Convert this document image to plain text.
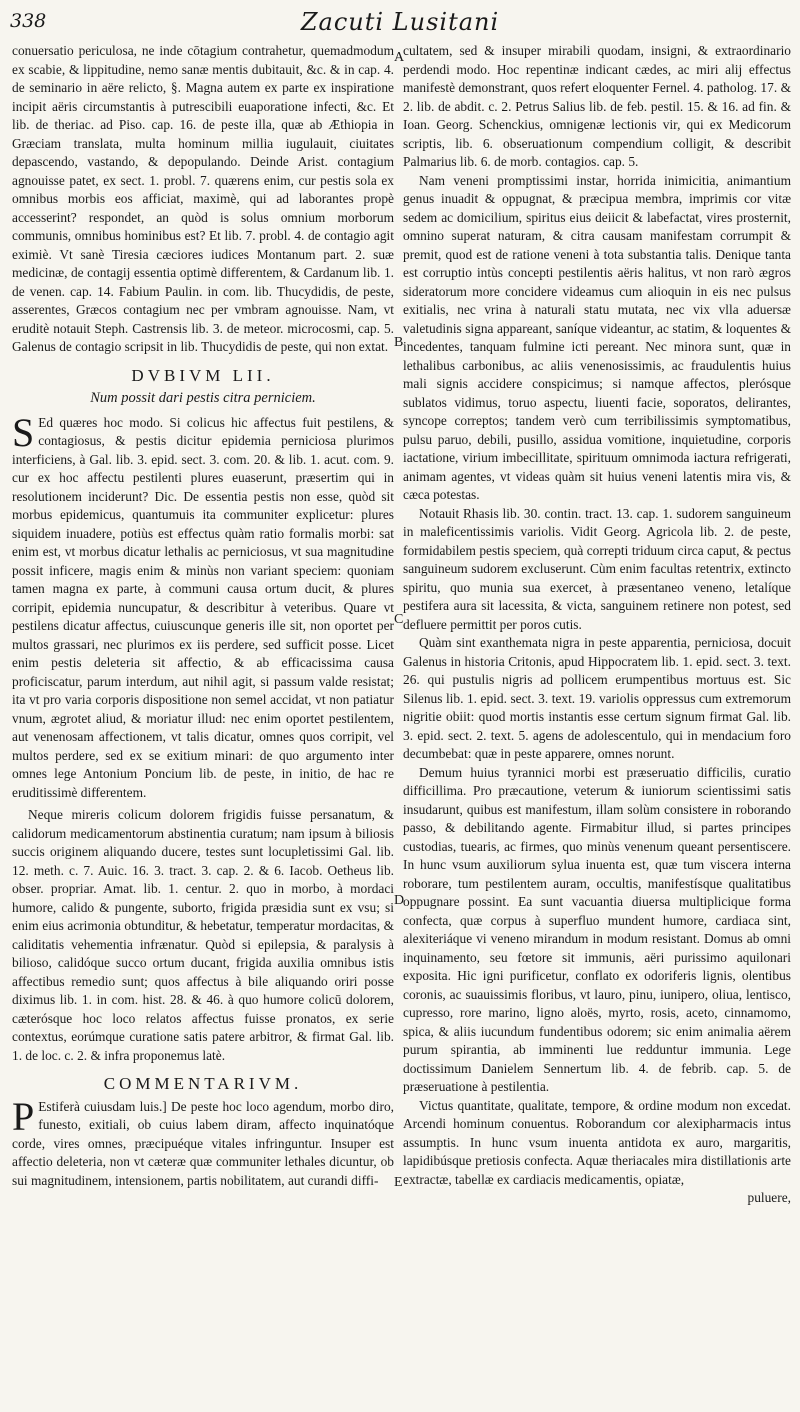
338	Zacuti Lusitani

conuersatio periculosa, ne inde cōtagium contrahetur, quemadmodum ex scabie, & lippitudine, nemo sanæ mentis dubitauit, &c. & in cap. 4. de seminario in aëre relicto, §. Magna autem ex parte ex inspiratione incipit aëris circumstantis à putrescibili euaporatione infecti, &c. Et lib. de theriac. ad Piso. cap. 16. de peste illa, quæ ab Æthiopia in Græciam translata, multa hominum millia iugulauit, ciuitates depascendo, vastando, & depopulando. Deinde Arist. contagium agnouisse patet, ex sect. 1. probl. 7. quærens enim, cur pestis sola ex omnibus morbis eos afficiat, maximè, qui ad laborantes propè accesserint? respondet, an quòd is solus omnium morborum communis, omnibus hominibus est? Et lib. 7. probl. 4. de contagio agit eximiè. Vt sanè Tiresia cæciores iudices Montanum part. 2. suæ medicinæ, de contagij essentia optimè differentem, & Cardanum lib. 1. de venen. cap. 14. Fabium Paulin. in com. lib. Thucydidis, de peste, asserentes, Græcos contagium nec per vmbram agnouisse. Nam, vt eruditè notauit Steph. Castrensis lib. 3. de meteor. microcosmi, cap. 5. Galenus de contagio scripsit in lib. Thucydidis de peste, qui non extat.

DVBIVM LII.
Num possit dari pestis citra perniciem.

S Ed quæres hoc modo. Si colicus hic affectus fuit pestilens, & contagiosus, & pestis dicitur epidemia perniciosa plurimos interficiens, à Gal. lib. 3. epid. sect. 3. com. 20. & lib. 1. acut. com. 9. cur ex hoc affectu pestilenti plures euaserunt, præsertim qui in resolutionem inciderunt? Dic. De essentia pestis non esse, quòd sit morbus epidemicus, quantumuis ita communiter explicetur: plures siquidem inuadere, potiùs est effectus quàm ratio formalis morbi: sat enim est, vt morbus dicatur lethalis ac perniciosus, vt sua magnitudine possit inficere, magis enim & minùs non variant speciem: quoniam tamen magna ex parte, à communi causa ortum ducit, & plures corripit, epidemia nuncupatur, & describitur à veteribus. Quare vt pestilens dicatur affectus, cuiuscunque generis ille sit, non oportet per multos grassari, nec plurimos ex iis perdere, sed sufficit posse. Licet enim pestis deleteria sit affectio, & ab efficacissima causa proficiscatur, parum interdum, aut nihil agit, si passum valde resistat; ita vt pro varia corporis dispositione non semel accidat, vt non patiatur vnum, ægrotet aliud, & moriatur illud: nec enim oportet pestilentem, aut venenosam affectionem, vt talis dicatur, omnes quos corripit, vel multos perdere, sed ex se exitium minari: de quo argumento inter omnes lege Antonium Poncium lib. de peste, in initio, de hac re eruditissimè differentem.

Neque mireris colicum dolorem frigidis fuisse persanatum, & calidorum medicamentorum abstinentia curatum; nam ipsum à biliosis succis originem aliquando ducere, testes sunt locupletissimi Gal. lib. 12. meth. c. 7. Auic. 16. 3. tract. 3. cap. 2. & 6. Iacob. Oetheus lib. obser. propriar. Amat. lib. 1. centur. 2. quo in morbo, à mordaci humore, calido & pungente, suborto, frigida præsidia sunt ex vsu; si enim eius acrimonia obtunditur, & hebetatur, temperatur mordacitas, & caliditatis vehementia infrænatur. Quòd si epilepsia, & paralysis à bilioso, calidóque succo ortum ducant, frigida auxilia omnibus istis affectibus remedio sunt; quos affectus à bile aliquando oriri posse diximus lib. 1. in com. hist. 28. & 46. à quo humore colicū dolorem, cæterósque hoc loco relatos affectus fuisse pronatos, ex serie contextus, eorúmque curatione satis patere arbitror, & firmat Gal. lib. 1. de loc. c. 2. & infra proponemus latè.

COMMENTARIVM.

P Estiferà cuiusdam luis.] De peste hoc loco agendum, morbo diro, funesto, exitiali, ob cuius labem diram, affecto inquinatóque corde, vires omnes, præcipuéque vitales infringuntur. Insuper est affectio deleteria, non vt cæteræ quæ communiter lethales dicuntur, ob sui magnitudinem, intensionem, partis nobilitatem, aut curandi diffi-

cultatem, sed & insuper mirabili quodam, insigni, & extraordinario perdendi modo. Hoc repentinæ indicant cædes, ac miri alij effectus manifestè demonstrant, quos refert eloquenter Fernel. 4. patholog. 17. & 2. lib. de abdit. c. 2. Petrus Salius lib. de feb. pestil. 15. & 16. ad fin. & Ioan. Georg. Schenckius, omnigenæ lectionis vir, qui ex Medicorum scriptis, lib. 6. obseruationum compendium colligit, & describit Palmarius lib. 6. de morb. contagios. cap. 5.

Nam veneni promptissimi instar, horrida inimicitia, animantium genus inuadit & oppugnat, & præcipua membra, imprimis cor vitæ sedem ac domicilium, spiritus eius deiicit & labefactat, vires prosternit, omnino superat naturam, & citra causam manifestam corrumpit & premit, quod est de ratione veneni à tota substantia talis. Denique tanta est corruptio intùs concepti pestilentis aëris halitus, vt non rarò ægros sideratorum more concidere videamus cum alioquin in eis nec pulsus exitialis, nec vrina à naturali statu mutata, nec vix vlla aduersæ valetudinis signa appareant, saníque videantur, ac statim, & loquentes & incedentes, tanquam fulmine icti pereant. Nec minora sunt, quæ in lethalibus carbonibus, ac aliis venenosissimis, ac fraudulentis huius mali signis accidere conspicimus; si namque affectos, plerósque sublatos vidimus, toruo aspectu, liuenti facie, soporatos, delirantes, syncope correptos; tandem verò cum terribilissimis symptomatibus, pulsu paruo, debili, pusillo, assidua vomitione, inquietudine, corporis iactatione, virium imbecillitate, spirituum omnimoda iactura refrigerati, animam agentes, vt videas quàm sit huius veneni latentis mira vis, & cæca potestas.

Notauit Rhasis lib. 30. contin. tract. 13. cap. 1. sudorem sanguineum in maleficentissimis variolis. Vidit Georg. Agricola lib. 2. de peste, formidabilem pestis speciem, quà correpti triduum circa caput, & pectus sanguineum sudorem excluserunt. Cùm enim facultas retentrix, extincto spiritu, quo munia sua exercet, à præsentaneo veneno, letalíque pestifera aura sit lacessita, & victa, sanguinem retinere non potest, sed defluere permittit per poros cutis.

Quàm sint exanthemata nigra in peste apparentia, perniciosa, docuit Galenus in historia Critonis, apud Hippocratem lib. 1. epid. sect. 3. text. 26. qui pustulis nigris ad pollicem erumpentibus mortuus est. Sic Silenus lib. 1. epid. sect. 3. text. 19. variolis oppressus cum extremorum nigritie obiit: quod mortis instantis esse certum signum firmat Gal. lib. 3. epid. sect. 2. text. 5. agens de adolescentulo, qui in mendacium foro decumbebat: quæ in peste apparere, omnes norunt.

Demum huius tyrannici morbi est præseruatio difficilis, curatio difficillima. Pro præcautione, veterum & iuniorum scientissimi satis insudarunt, quibus est manifestum, illam solùm consistere in roborando passo, & debilitando agente. Firmabitur illud, si partes principes custodias, tuearis, ac firmes, quo minùs venenum queant persentiscere. In hunc vsum auxiliorum sylua inuenta est, quæ tum viscera interna roborare, tum pestilentem auram, occultis, manifestísque qualitatibus oppugnare possint. Ea sunt vacuantia diuersa multiplicique forma confecta, quæ corpus à superfluo mundent humore, cardiaca sint, alexiteriáque vi veneno mirandum in modum resistant. Domus ab omni inquinamento, seu fœtore sit immunis, aëri purissimo aquilonari exposita. Hic igni purificetur, conflato ex odoriferis lignis, olentibus coronis, ac suauissimis floribus, vt lauro, pinu, iunipero, oliua, lentisco, cupresso, rore marino, ligno aloës, myrto, rosis, aceto, cinnamomo, spica, & aliis iucundum fundentibus odorem; sic enim animalia aërem purum spirantia, ab imminenti lue redduntur immunia. Lege doctissimum Danielem Sennertum lib. 4. de febrib. cap. 5. de præseruatione à pestilentia.

Victus quantitate, qualitate, tempore, & ordine modum non excedat. Arcendi hominum conuentus. Roborandum cor alexipharmacis intus assumptis. In hunc vsum inuenta antidota ex auro, margaritis, lapidibúsque pretiosis confecta. Aquæ theriacales mira distillationis arte extractæ, tabellæ ex cardiacis medicamentis, opiatæ,

puluere,
A
B
C
D
E
